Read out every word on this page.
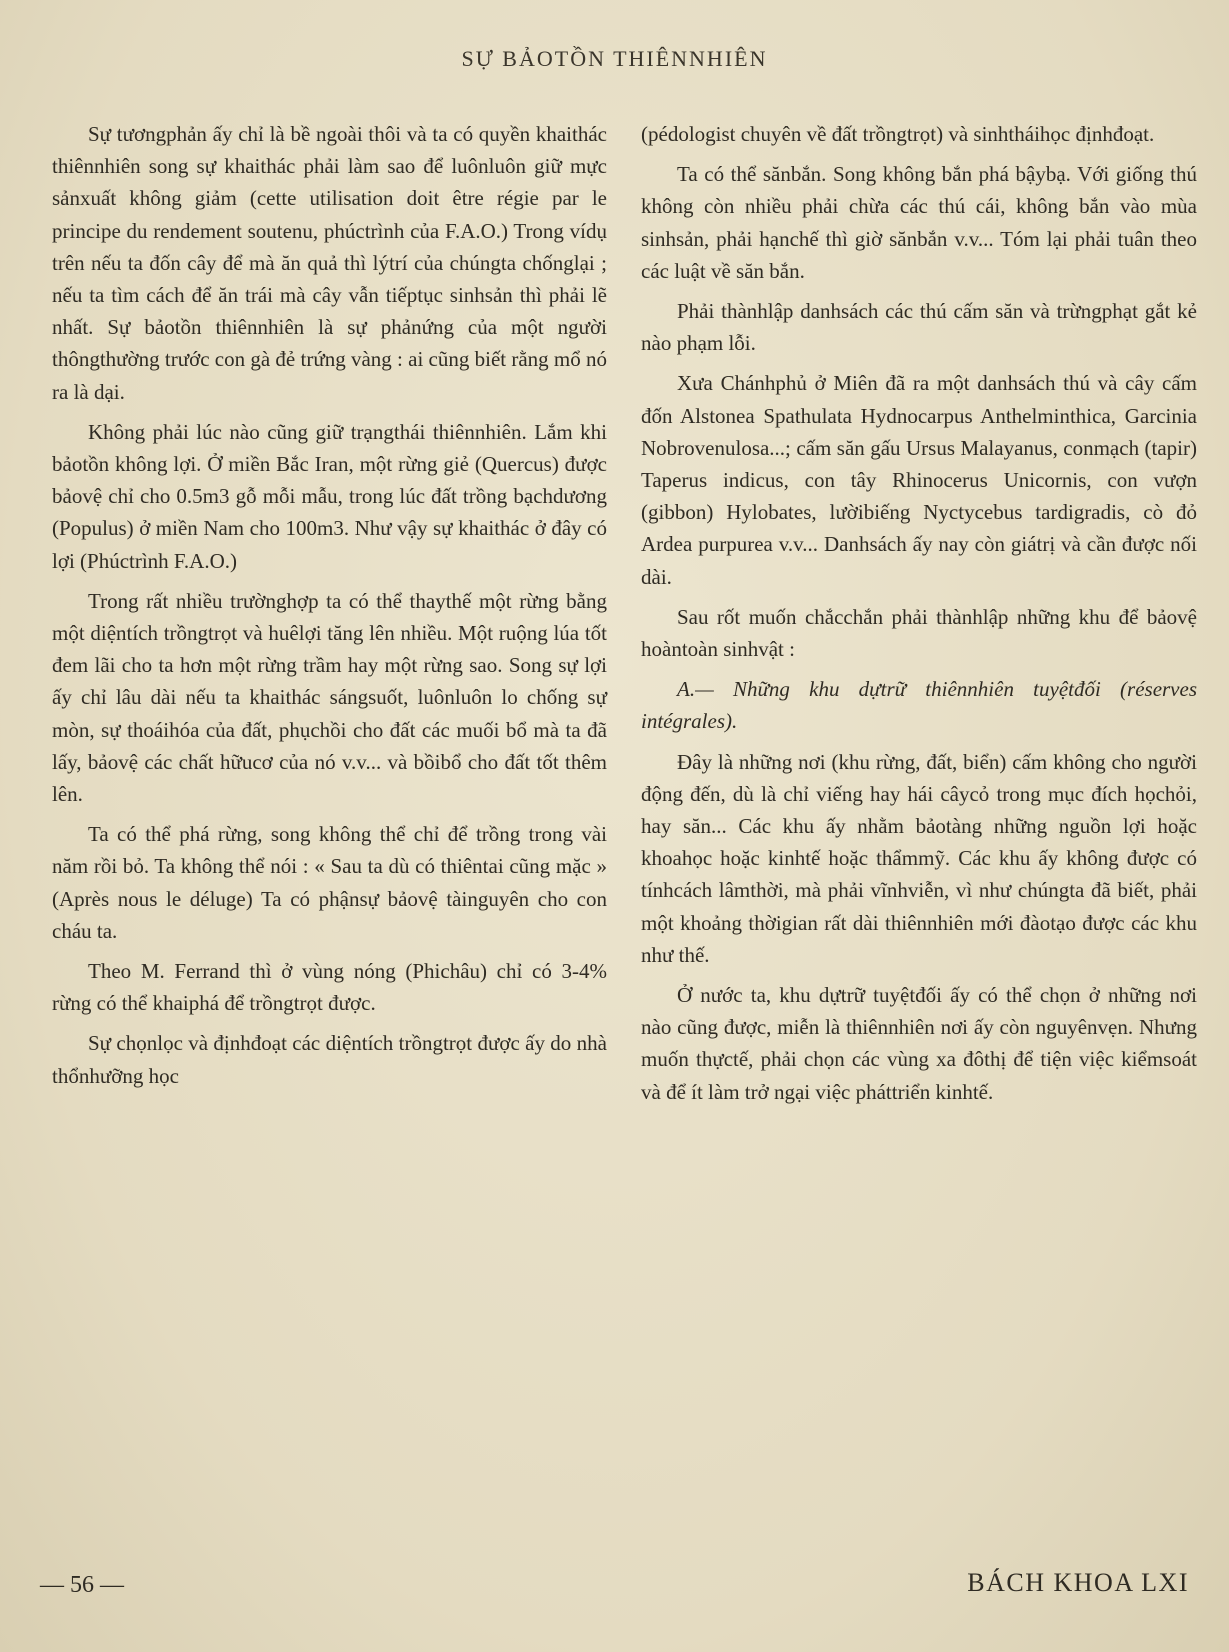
SỰ BẢOTỒN THIÊNNHIÊN

Sự tươngphản ấy chỉ là bề ngoài thôi và ta có quyền khaithác thiênnhiên song sự khaithác phải làm sao để luônluôn giữ mực sảnxuất không giảm (cette utilisation doit être régie par le principe du rendement soutenu, phúctrình của F.A.O.) Trong vídụ trên nếu ta đốn cây để mà ăn quả thì lýtrí của chúngta chốnglại ; nếu ta tìm cách để ăn trái mà cây vẫn tiếptục sinhsản thì phải lẽ nhất. Sự bảotồn thiênnhiên là sự phảnứng của một người thôngthường trước con gà đẻ trứng vàng : ai cũng biết rằng mổ nó ra là dại.

Không phải lúc nào cũng giữ trạngthái thiênnhiên. Lắm khi bảotồn không lợi. Ở miền Bắc Iran, một rừng giẻ (Quercus) được bảovệ chỉ cho 0.5m3 gỗ mỗi mẫu, trong lúc đất trồng bạchdương (Populus) ở miền Nam cho 100m3. Như vậy sự khaithác ở đây có lợi (Phúctrình F.A.O.)

Trong rất nhiều trườnghợp ta có thể thaythế một rừng bằng một diệntích trồngtrọt và huêlợi tăng lên nhiều. Một ruộng lúa tốt đem lãi cho ta hơn một rừng trầm hay một rừng sao. Song sự lợi ấy chỉ lâu dài nếu ta khaithác sángsuốt, luônluôn lo chống sự mòn, sự thoáihóa của đất, phụchồi cho đất các muối bổ mà ta đã lấy, bảovệ các chất hữucơ của nó v.v... và bồibổ cho đất tốt thêm lên.

Ta có thể phá rừng, song không thể chỉ để trồng trong vài năm rồi bỏ. Ta không thể nói : « Sau ta dù có thiêntai cũng mặc » (Après nous le déluge) Ta có phậnsự bảovệ tàinguyên cho con cháu ta.

Theo M. Ferrand thì ở vùng nóng (Phichâu) chỉ có 3-4% rừng có thể khaiphá để trồngtrọt được.

Sự chọnlọc và địnhđoạt các diệntích trồngtrọt được ấy do nhà thổnhưỡng học

(pédologist chuyên về đất trồngtrọt) và sinhtháihọc địnhđoạt.

Ta có thể sănbắn. Song không bắn phá bậybạ. Với giống thú không còn nhiều phải chừa các thú cái, không bắn vào mùa sinhsản, phải hạnchế thì giờ sănbắn v.v... Tóm lại phải tuân theo các luật về săn bắn.

Phải thànhlập danhsách các thú cấm săn và trừngphạt gắt kẻ nào phạm lỗi.

Xưa Chánhphủ ở Miên đã ra một danhsách thú và cây cấm đốn Alstonea Spathulata Hydnocarpus Anthelminthica, Garcinia Nobrovenulosa...; cấm săn gấu Ursus Malayanus, conmạch (tapir) Taperus indicus, con tây Rhinocerus Unicornis, con vượn (gibbon) Hylobates, lườibiếng Nyctycebus tardigradis, cò đỏ Ardea purpurea v.v... Danhsách ấy nay còn giátrị và cần được nối dài.

Sau rốt muốn chắcchắn phải thànhlập những khu để bảovệ hoàntoàn sinhvật :

A.— Những khu dựtrữ thiênnhiên tuyệtđối (réserves intégrales).

Đây là những nơi (khu rừng, đất, biển) cấm không cho người động đến, dù là chỉ viếng hay hái câycỏ trong mục đích họchỏi, hay săn... Các khu ấy nhằm bảotàng những nguồn lợi hoặc khoahọc hoặc kinhtế hoặc thẩmmỹ. Các khu ấy không được có tínhcách lâmthời, mà phải vĩnhviễn, vì như chúngta đã biết, phải một khoảng thờigian rất dài thiênnhiên mới đàotạo được các khu như thế.

Ở nước ta, khu dựtrữ tuyệtđối ấy có thể chọn ở những nơi nào cũng được, miễn là thiênnhiên nơi ấy còn nguyênvẹn. Nhưng muốn thựctế, phải chọn các vùng xa đôthị để tiện việc kiểmsoát và để ít làm trở ngại việc pháttriển kinhtế.

— 56 —	BÁCH KHOA LXI
